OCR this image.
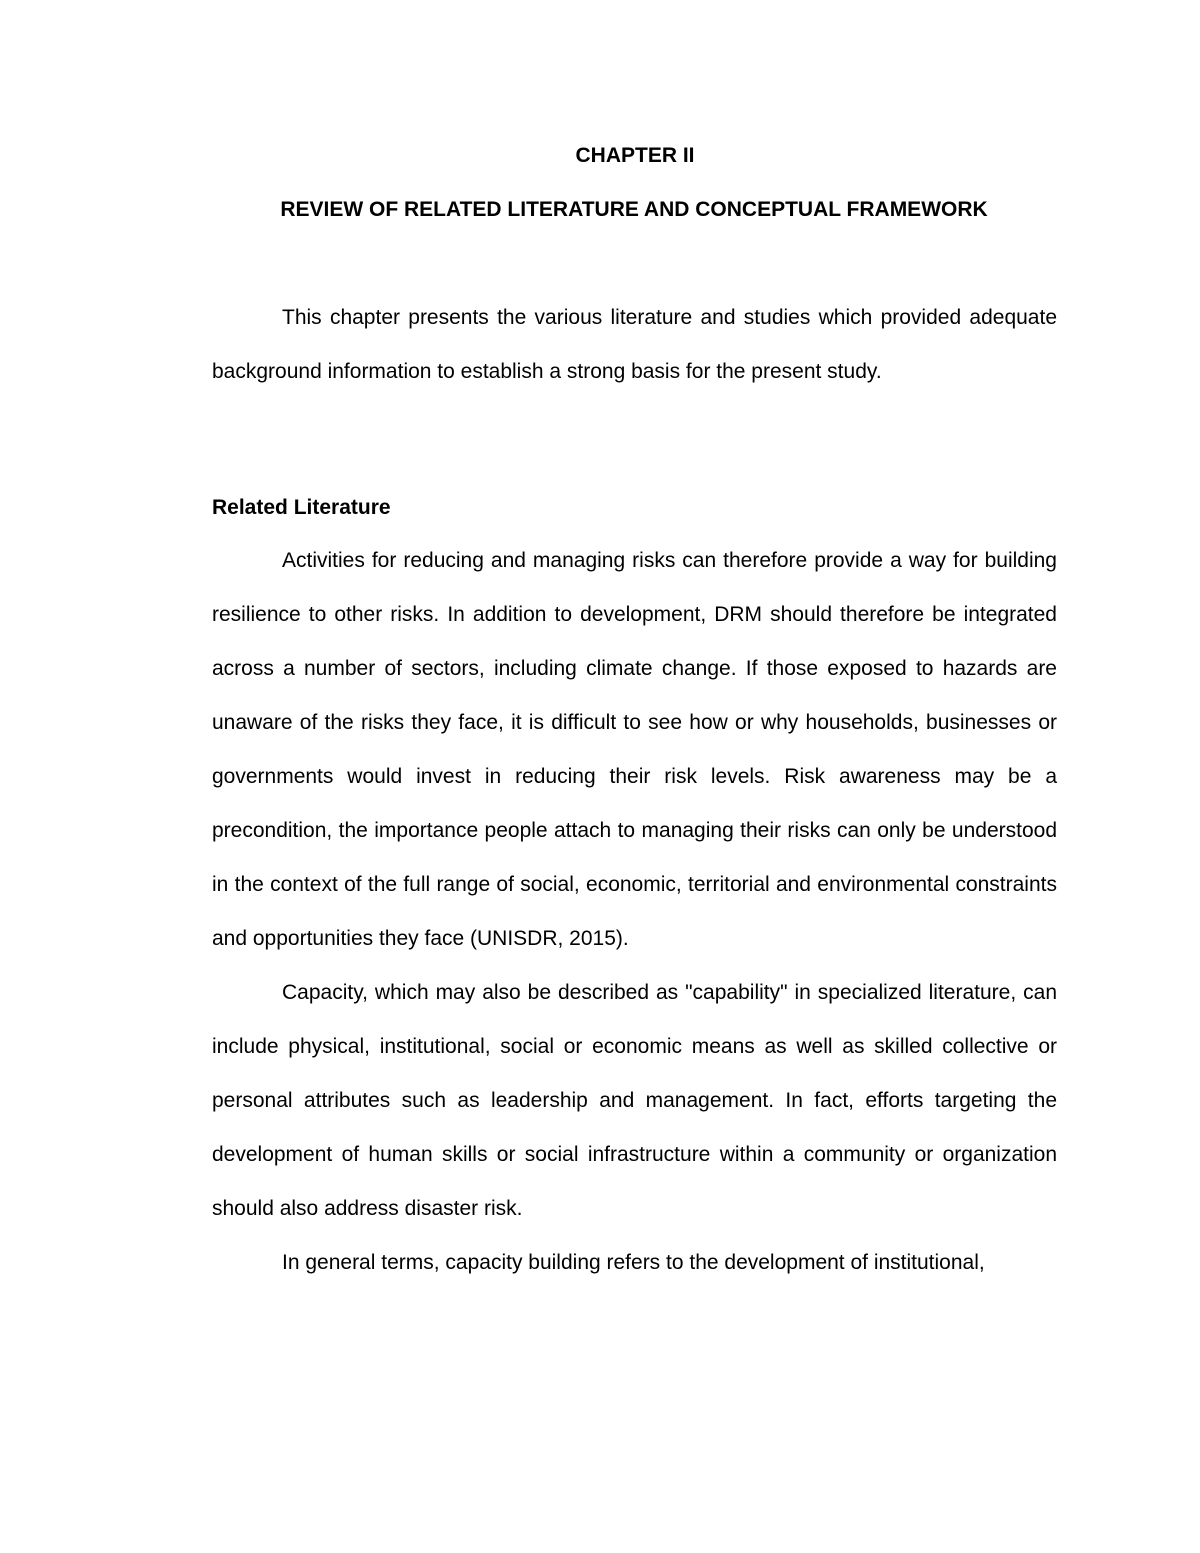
CHAPTER II
REVIEW OF RELATED LITERATURE AND CONCEPTUAL FRAMEWORK

This chapter presents the various literature and studies which provided adequate background information to establish a strong basis for the present study.

Related Literature

Activities for reducing and managing risks can therefore provide a way for building resilience to other risks. In addition to development, DRM should therefore be integrated across a number of sectors, including climate change. If those exposed to hazards are unaware of the risks they face, it is difficult to see how or why households, businesses or governments would invest in reducing their risk levels. Risk awareness may be a precondition, the importance people attach to managing their risks can only be understood in the context of the full range of social, economic, territorial and environmental constraints and opportunities they face (UNISDR, 2015).

Capacity, which may also be described as "capability" in specialized literature, can include physical, institutional, social or economic means as well as skilled collective or personal attributes such as leadership and management. In fact, efforts targeting the development of human skills or social infrastructure within a community or organization should also address disaster risk.

In general terms, capacity building refers to the development of institutional,
